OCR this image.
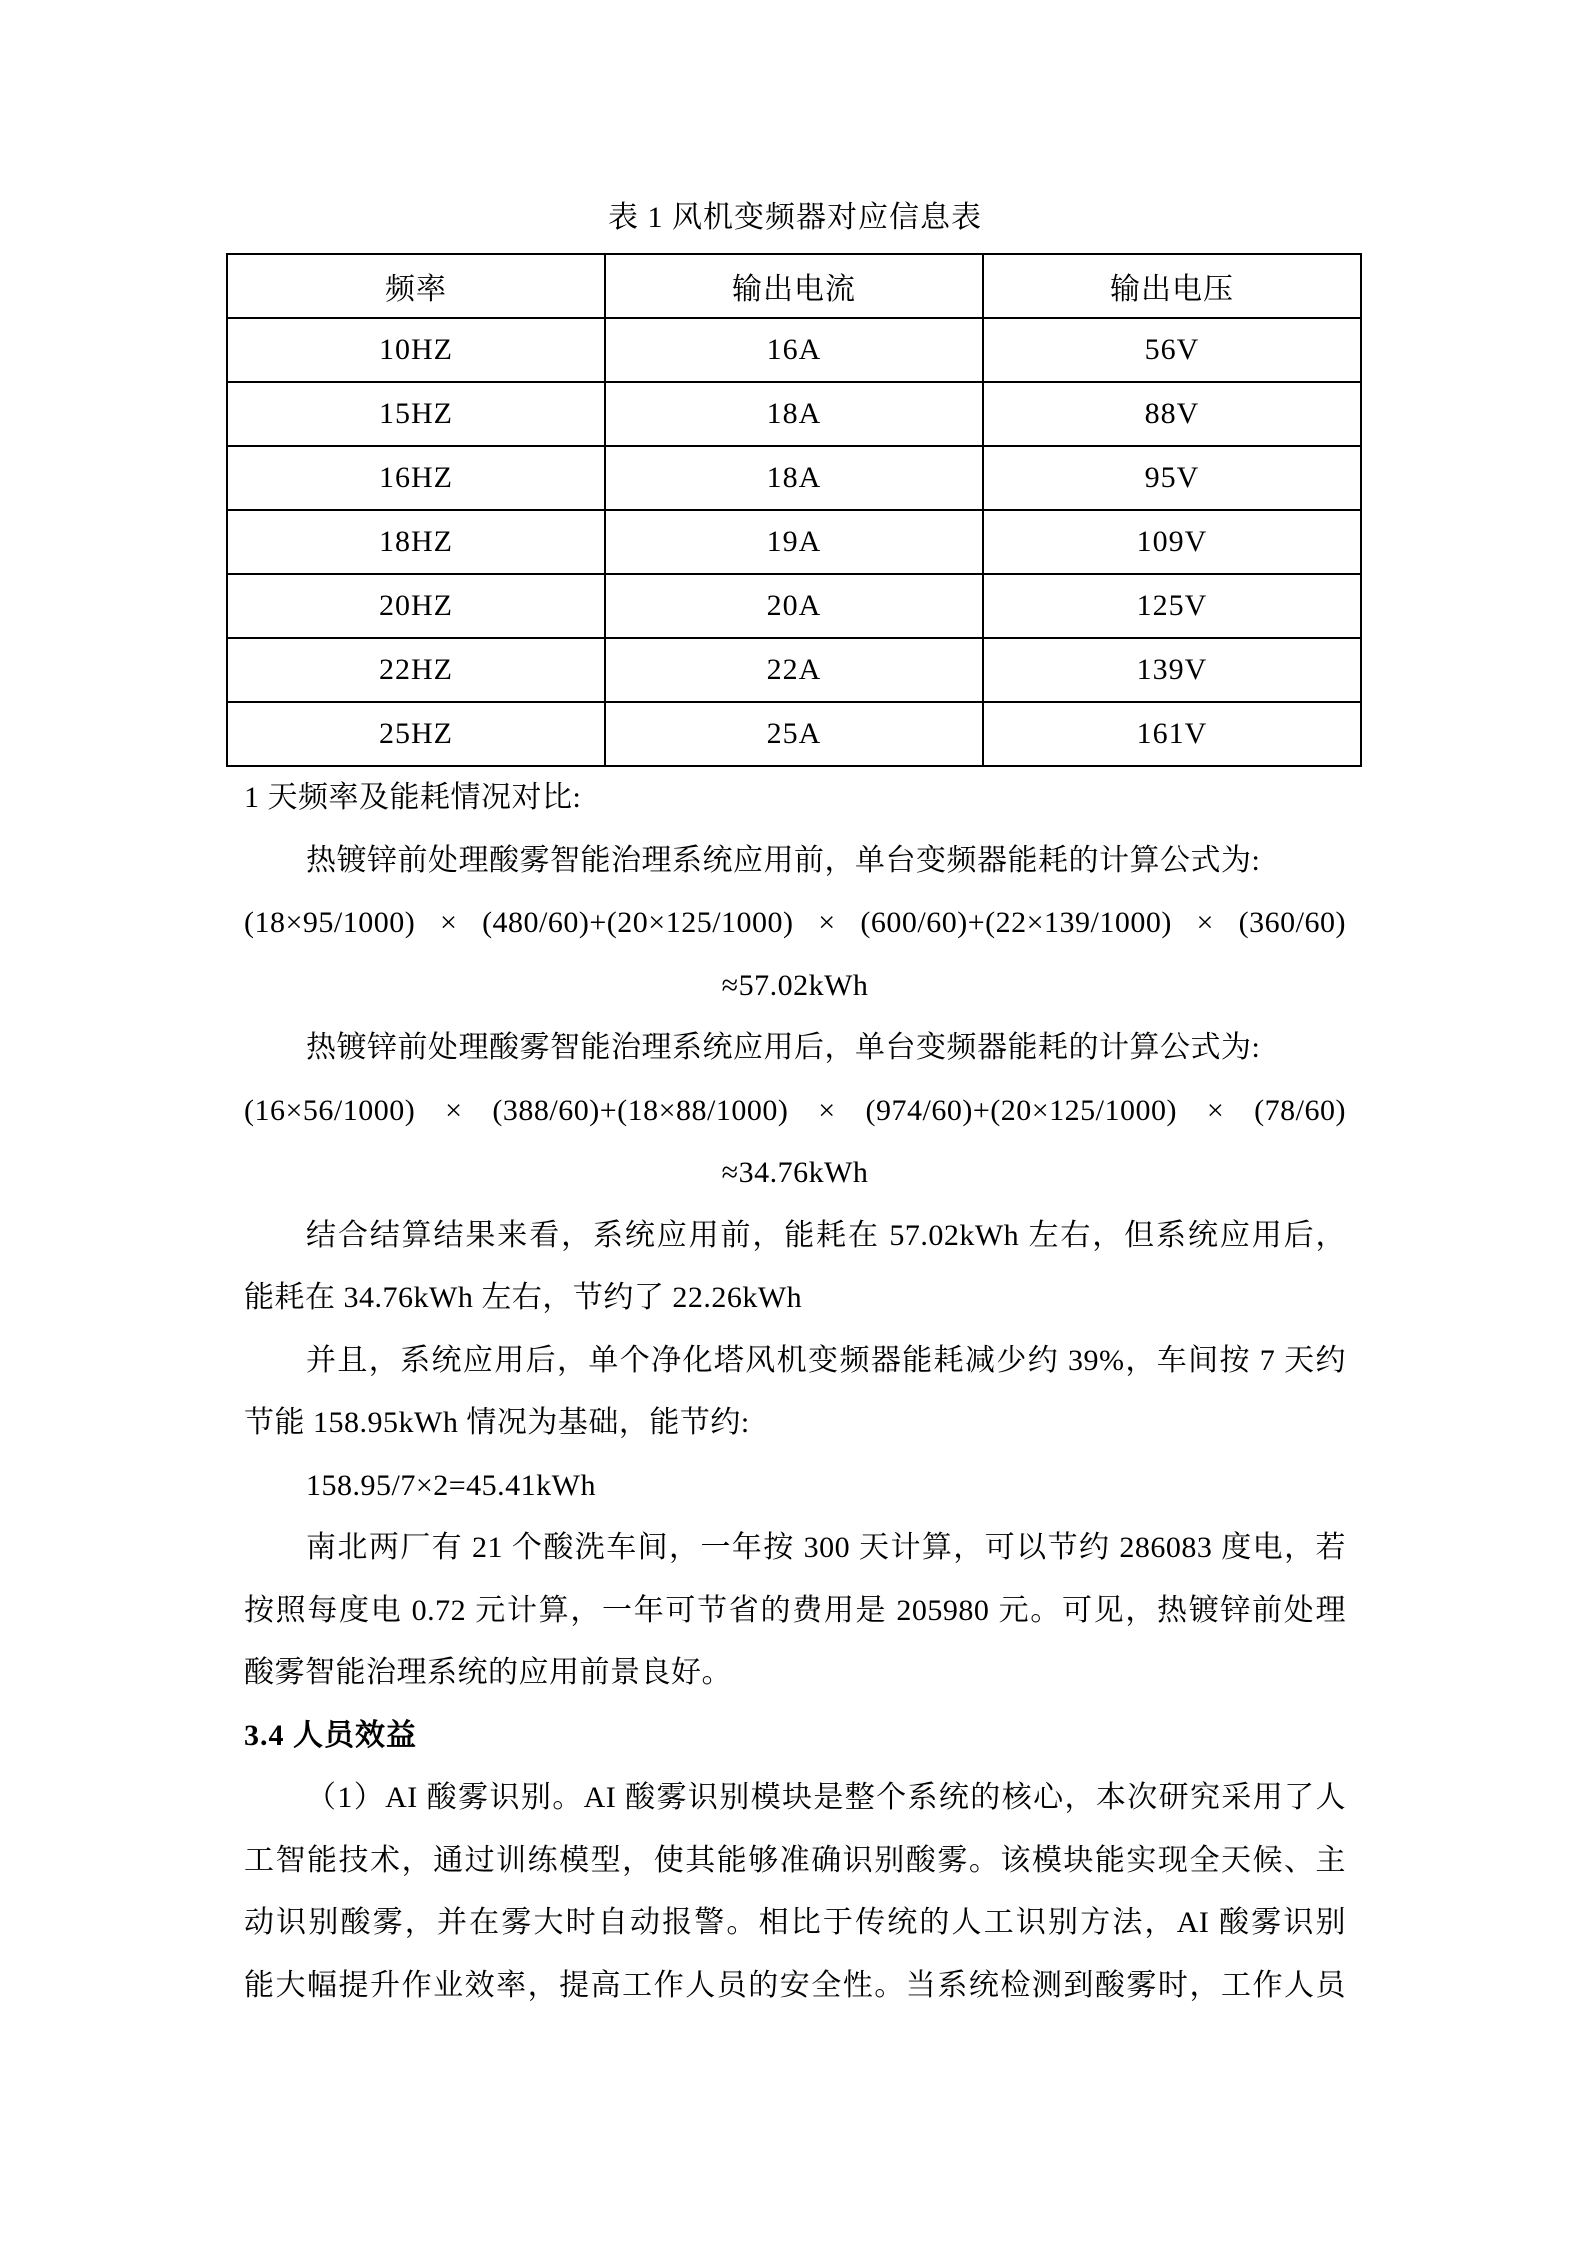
表 1 风机变频器对应信息表
频率	输出电流	输出电压
10HZ	16A	56V
15HZ	18A	88V
16HZ	18A	95V
18HZ	19A	109V
20HZ	20A	125V
22HZ	22A	139V
25HZ	25A	161V
1 天频率及能耗情况对比:
热镀锌前处理酸雾智能治理系统应用前，单台变频器能耗的计算公式为:
(18×95/1000) × (480/60)+(20×125/1000) × (600/60)+(22×139/1000) × (360/60)
≈57.02kWh
热镀锌前处理酸雾智能治理系统应用后，单台变频器能耗的计算公式为:
(16×56/1000) × (388/60)+(18×88/1000) × (974/60)+(20×125/1000) × (78/60)
≈34.76kWh
结合结算结果来看，系统应用前，能耗在 57.02kWh 左右，但系统应用后，
能耗在 34.76kWh 左右，节约了 22.26kWh
并且，系统应用后，单个净化塔风机变频器能耗减少约 39%，车间按 7 天约
节能 158.95kWh 情况为基础，能节约:
158.95/7×2=45.41kWh
南北两厂有 21 个酸洗车间，一年按 300 天计算，可以节约 286083 度电，若
按照每度电 0.72 元计算，一年可节省的费用是 205980 元。可见，热镀锌前处理
酸雾智能治理系统的应用前景良好。
3.4 人员效益
（1）AI 酸雾识别。AI 酸雾识别模块是整个系统的核心，本次研究采用了人
工智能技术，通过训练模型，使其能够准确识别酸雾。该模块能实现全天候、主
动识别酸雾，并在雾大时自动报警。相比于传统的人工识别方法，AI 酸雾识别
能大幅提升作业效率，提高工作人员的安全性。当系统检测到酸雾时，工作人员
